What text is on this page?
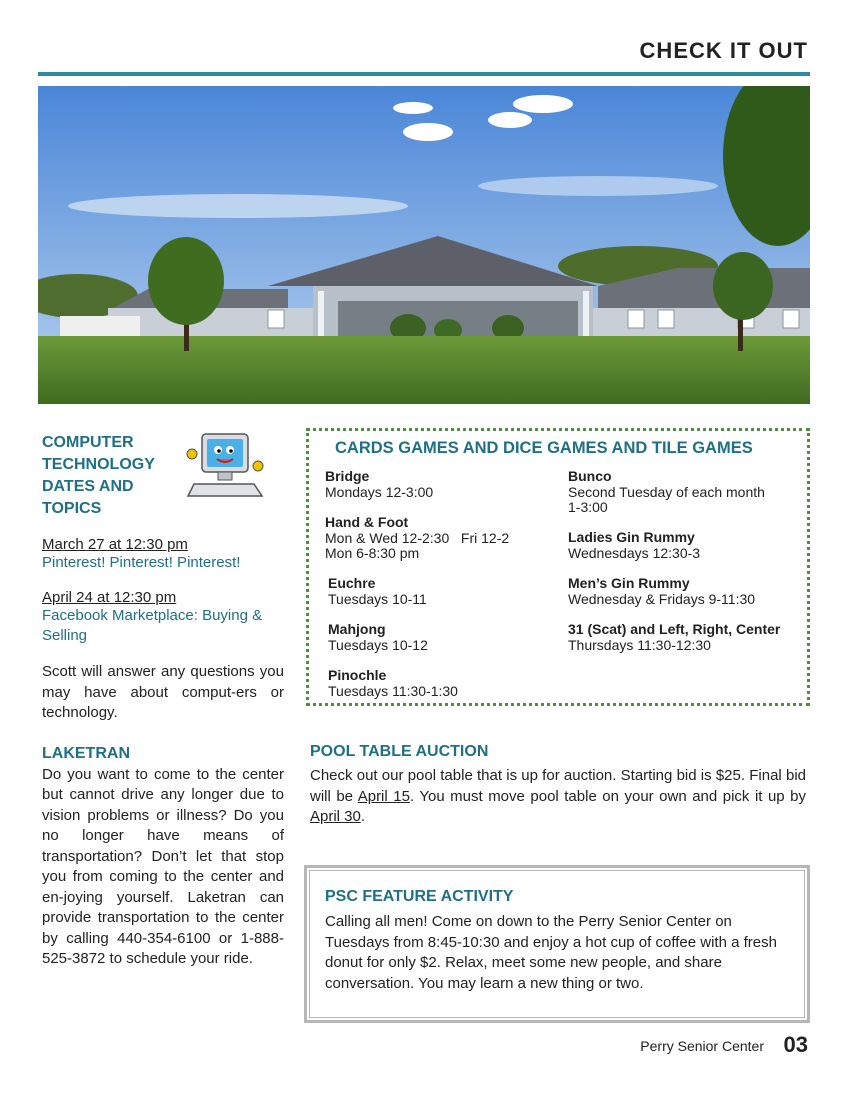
CHECK IT OUT
COMPUTER TECHNOLOGY DATES AND TOPICS
March 27 at 12:30 pm
Pinterest! Pinterest! Pinterest!
April 24 at 12:30 pm
Facebook Marketplace: Buying & Selling
Scott will answer any questions you may have about comput-ers or technology.
LAKETRAN
Do you want to come to the center but cannot drive any longer due to vision problems or illness? Do you no longer have means of transportation? Don’t let that stop you from coming to the center and en-joying yourself. Laketran can provide transportation to the center by calling 440-354-6100 or 1-888-525-3872 to schedule your ride.
CARDS GAMES AND DICE GAMES AND TILE GAMES
Bridge
Mondays 12-3:00
Hand & Foot
Mon & Wed 12-2:30   Fri 12-2
Mon 6-8:30 pm
Euchre
Tuesdays 10-11
Mahjong
Tuesdays 10-12
Pinochle
Tuesdays 11:30-1:30
Bunco
Second Tuesday of each month
1-3:00
Ladies Gin Rummy
Wednesdays 12:30-3
Men’s Gin Rummy
Wednesday & Fridays 9-11:30
31 (Scat) and Left, Right, Center
Thursdays 11:30-12:30
POOL TABLE AUCTION

Check out our pool table that is up for auction. Starting bid is $25. Final bid will be April 15. You must move pool table on your own and pick it up by April 30.

PSC FEATURE ACTIVITY

Calling all men! Come on down to the Perry Senior Center on Tuesdays from 8:45-10:30 and enjoy a hot cup of coffee with a fresh donut for only $2. Relax, meet some new people, and share conversation. You may learn a new thing or two.

Perry Senior Center 03
